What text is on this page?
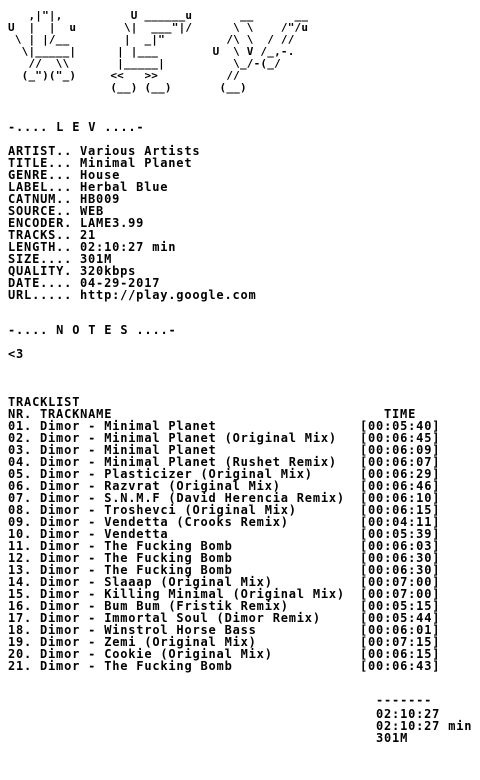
,|"|,          U ______u       __      __
U  |  |  u       \|  ___"|/      \ \    /"/u
\ | |/__        |  _|"         /\ \  / //
\|_____|      | |___        U  \ V /_,-.
//  \\       |_____|          \_/-(_/
(_")("_)     <<   >>          //
(__) (__)       (__)
-.... L E V ....-
ARTIST.. Various Artists
TITLE... Minimal Planet
GENRE... House
LABEL... Herbal Blue
CATNUM.. HB009
SOURCE.. WEB
ENCODER. LAME3.99
TRACKS.. 21
LENGTH.. 02:10:27 min
SIZE.... 301M
QUALITY. 320kbps
DATE.... 04-29-2017
URL..... http://play.google.com
-.... N O T E S ....-
<3
TRACKLIST
NR. TRACKNAME	TIME
01. Dimor - Minimal Planet	[00:05:40]
02. Dimor - Minimal Planet (Original Mix) [00:06:45]
03. Dimor - Minimal Planet	[00:06:09]
04. Dimor - Minimal Planet (Rushet Remix) [00:06:07]
05. Dimor - Plasticizer (Original Mix)	[00:06:29]
06. Dimor - Razvrat (Original Mix)	[00:06:46]
07. Dimor - S.N.M.F (David Herencia Remix) [00:06:10]
08. Dimor - Troshevci (Original Mix)	[00:06:15]
09. Dimor - Vendetta (Crooks Remix)	[00:04:11]
10. Dimor - Vendetta	[00:05:39]
11. Dimor - The Fucking Bomb	[00:06:03]
12. Dimor - The Fucking Bomb	[00:06:30]
13. Dimor - The Fucking Bomb	[00:06:30]
14. Dimor - Slaaap (Original Mix)	[00:07:00]
15. Dimor - Killing Minimal (Original Mix) [00:07:00]
16. Dimor - Bum Bum (Fristik Remix)	[00:05:15]
17. Dimor - Immortal Soul (Dimor Remix)	[00:05:44]
18. Dimor - Winstrol Horse Bass	[00:06:01]
19. Dimor - Zemi (Original Mix)	[00:07:15]
20. Dimor - Cookie (Original Mix)	[00:06:15]
21. Dimor - The Fucking Bomb	[00:06:43]
-------
02:10:27
02:10:27 min
301M
